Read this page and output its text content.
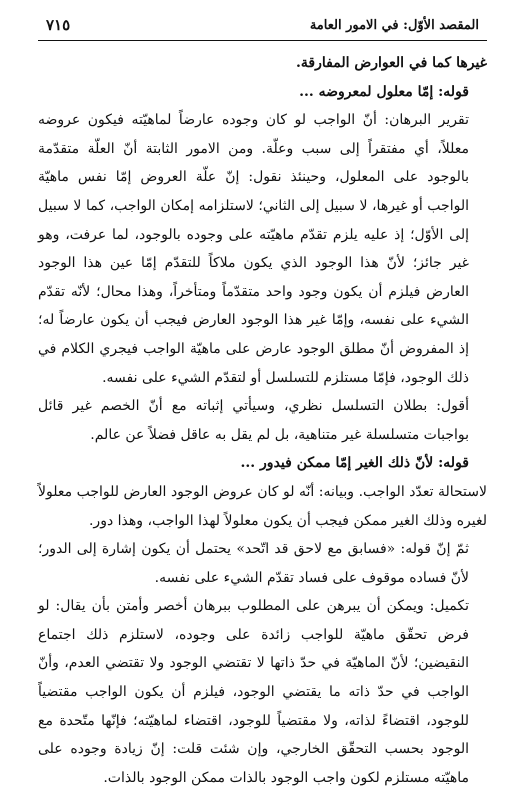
المقصد الأوّل: في الامور العامة
٧١٥

غيرها كما في العوارض المفارقة.

قوله: إمّا معلول لمعروضه ...

تقرير البرهان: أنّ الواجب لو كان وجوده عارضاً لماهيّته فيكون عروضه معللاً، أي مفتقراً إلى سبب وعلّة. ومن الامور الثابتة أنّ العلّة متقدّمة بالوجود على المعلول، وحينئذ نقول: إنّ علّة العروض إمّا نفس ماهيّة الواجب أو غيرها، لا سبيل إلى الثاني؛ لاستلزامه إمكان الواجب، كما لا سبيل إلى الأوّل؛ إذ عليه يلزم تقدّم ماهيّته على وجوده بالوجود، لما عرفت، وهو غير جائز؛ لأنّ هذا الوجود الذي يكون ملاكاً للتقدّم إمّا عين هذا الوجود العارض فيلزم أن يكون وجود واحد متقدّماً ومتأخراً، وهذا محال؛ لأنّه تقدّم الشيء على نفسه، وإمّا غير هذا الوجود العارض فيجب أن يكون عارضاً له؛ إذ المفروض أنّ مطلق الوجود عارض على ماهيّة الواجب فيجري الكلام في ذلك الوجود، فإمّا مستلزم للتسلسل أو لتقدّم الشيء على نفسه.

أقول: بطلان التسلسل نظري، وسيأتي إثباته مع أنّ الخصم غير قائل بواجبات متسلسلة غير متناهية، بل لم يقل به عاقل فضلاً عن عالم.

قوله: لأنّ ذلك الغير إمّا ممكن فيدور ...

لاستحالة تعدّد الواجب. وبيانه: أنّه لو كان عروض الوجود العارض للواجب معلولاً لغيره وذلك الغير ممكن فيجب أن يكون معلولاً لهذا الواجب، وهذا دور.

ثمّ إنّ قوله: «فسابق مع لاحق قد اتّحد» يحتمل أن يكون إشارة إلى الدور؛ لأنّ فساده موقوف على فساد تقدّم الشيء على نفسه.

تكميل: ويمكن أن يبرهن على المطلوب ببرهان أخصر وأمتن بأن يقال: لو فرض تحقّق ماهيّة للواجب زائدة على وجوده، لاستلزم ذلك اجتماع النقيضين؛ لأنّ الماهيّة في حدّ ذاتها لا تقتضي الوجود ولا تقتضي العدم، وأنّ الواجب في حدّ ذاته ما يقتضي الوجود، فيلزم أن يكون الواجب مقتضياً للوجود، اقتضاءً لذاته، ولا مقتضياً للوجود، اقتضاء لماهيّته؛ فإنّها متّحدة مع الوجود بحسب التحقّق الخارجي، وإن شئت قلت: إنّ زيادة وجوده على ماهيّته مستلزم لكون واجب الوجود بالذات ممكن الوجود بالذات.
